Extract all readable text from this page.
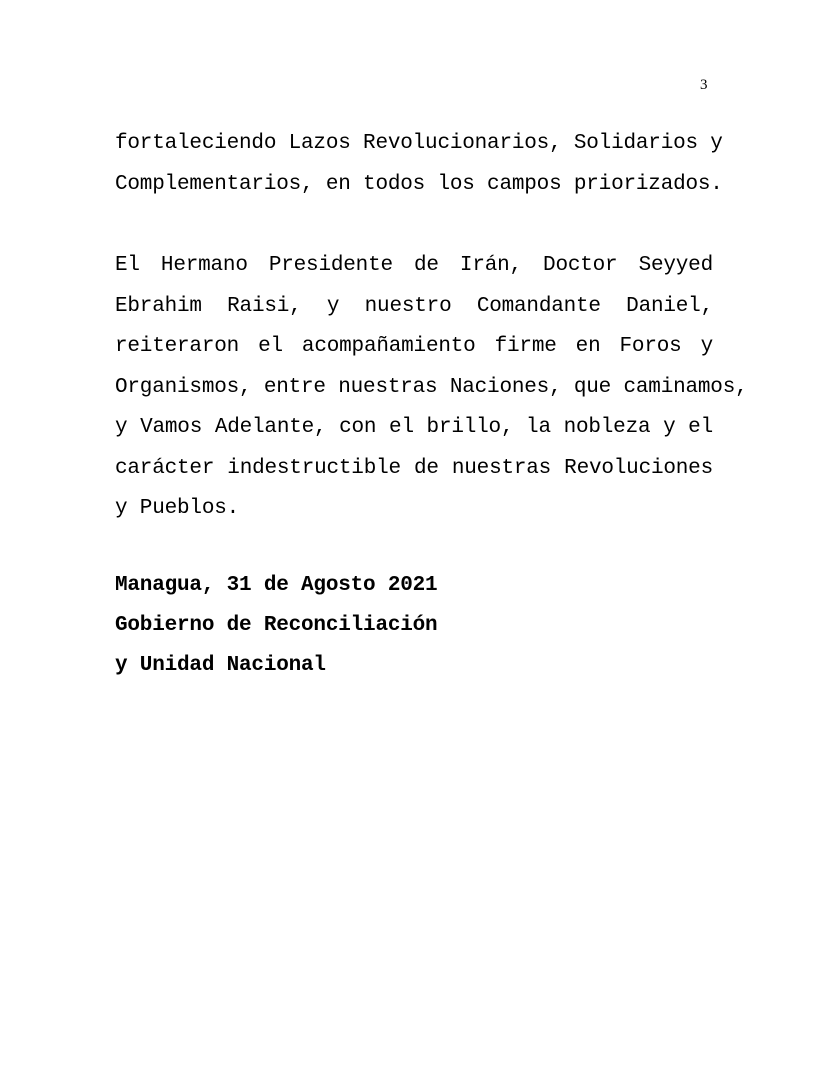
3
fortaleciendo Lazos Revolucionarios, Solidarios y
Complementarios, en todos los campos priorizados.
El Hermano Presidente de Irán, Doctor Seyyed
Ebrahim Raisi, y nuestro Comandante Daniel,
reiteraron el acompañamiento firme en Foros y
Organismos, entre nuestras Naciones, que caminamos,
y Vamos Adelante, con el brillo, la nobleza y el
carácter indestructible de nuestras Revoluciones
y Pueblos.
Managua, 31 de Agosto 2021
Gobierno de Reconciliación
y Unidad Nacional
